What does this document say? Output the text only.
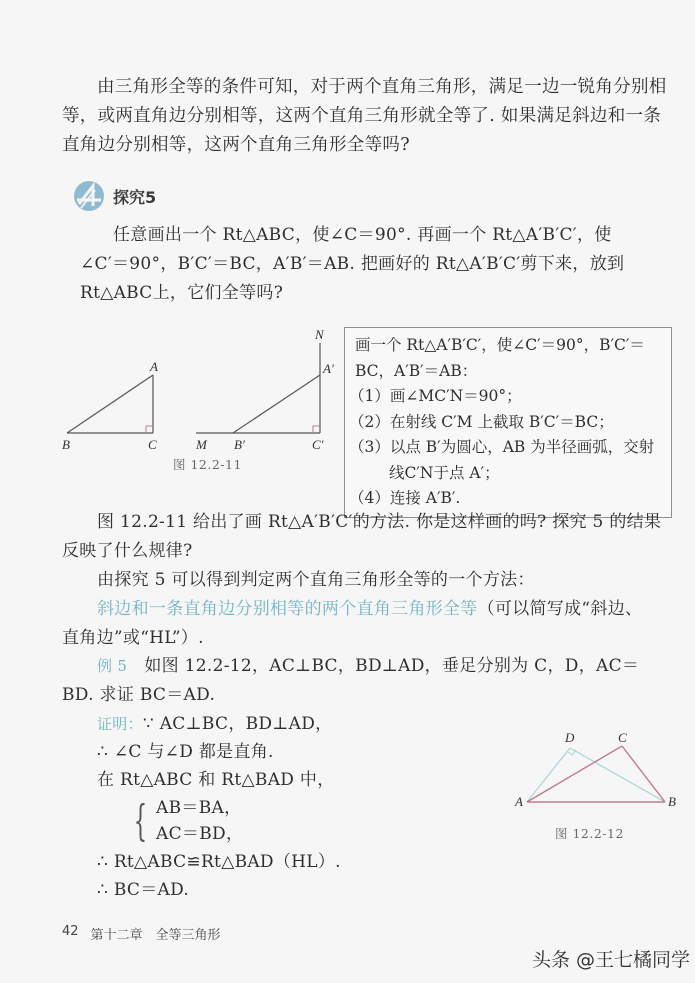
由三角形全等的条件可知，对于两个直角三角形，满足一边一锐角分别相
等，或两直角边分别相等，这两个直角三角形就全等了. 如果满足斜边和一条
直角边分别相等，这两个直角三角形全等吗?
探究5
任意画出一个 Rt△ABC，使∠C＝90°. 再画一个 Rt△A′B′C′，使
∠C′＝90°，B′C′＝BC，A′B′＝AB. 把画好的 Rt△A′B′C′剪下来，放到
Rt△ABC上，它们全等吗?
A
B	C
N
A′
M B′	C′
图 12.2-11
画一个 Rt△A′B′C′，使∠C′＝90°，B′C′＝
BC，A′B′＝AB：
（1）画∠MC′N＝90°；
（2）在射线 C′M 上截取 B′C′＝BC；
（3）以点 B′为圆心，AB 为半径画弧，交射
线C′N于点 A′；
（4）连接 A′B′.
图 12.2-11 给出了画 Rt△A′B′C′的方法. 你是这样画的吗? 探究 5 的结果
反映了什么规律?
由探究 5 可以得到判定两个直角三角形全等的一个方法：
斜边和一条直角边分别相等的两个直角三角形全等（可以简写成“斜边、
直角边”或“HL”）.
例 5 如图 12.2-12，AC⊥BC，BD⊥AD，垂足分别为 C，D，AC＝
BD. 求证 BC＝AD.
证明：∵ AC⊥BC，BD⊥AD，
∴ ∠C 与∠D 都是直角.
在 Rt△ABC 和 Rt△BAD 中，
{ AB＝BA，
AC＝BD，
∴ Rt△ABC≌Rt△BAD（HL）.
∴ BC＝AD.
D	C
A	B
图 12.2-12
42 第十二章　全等三角形
头条 @王七橘同学
